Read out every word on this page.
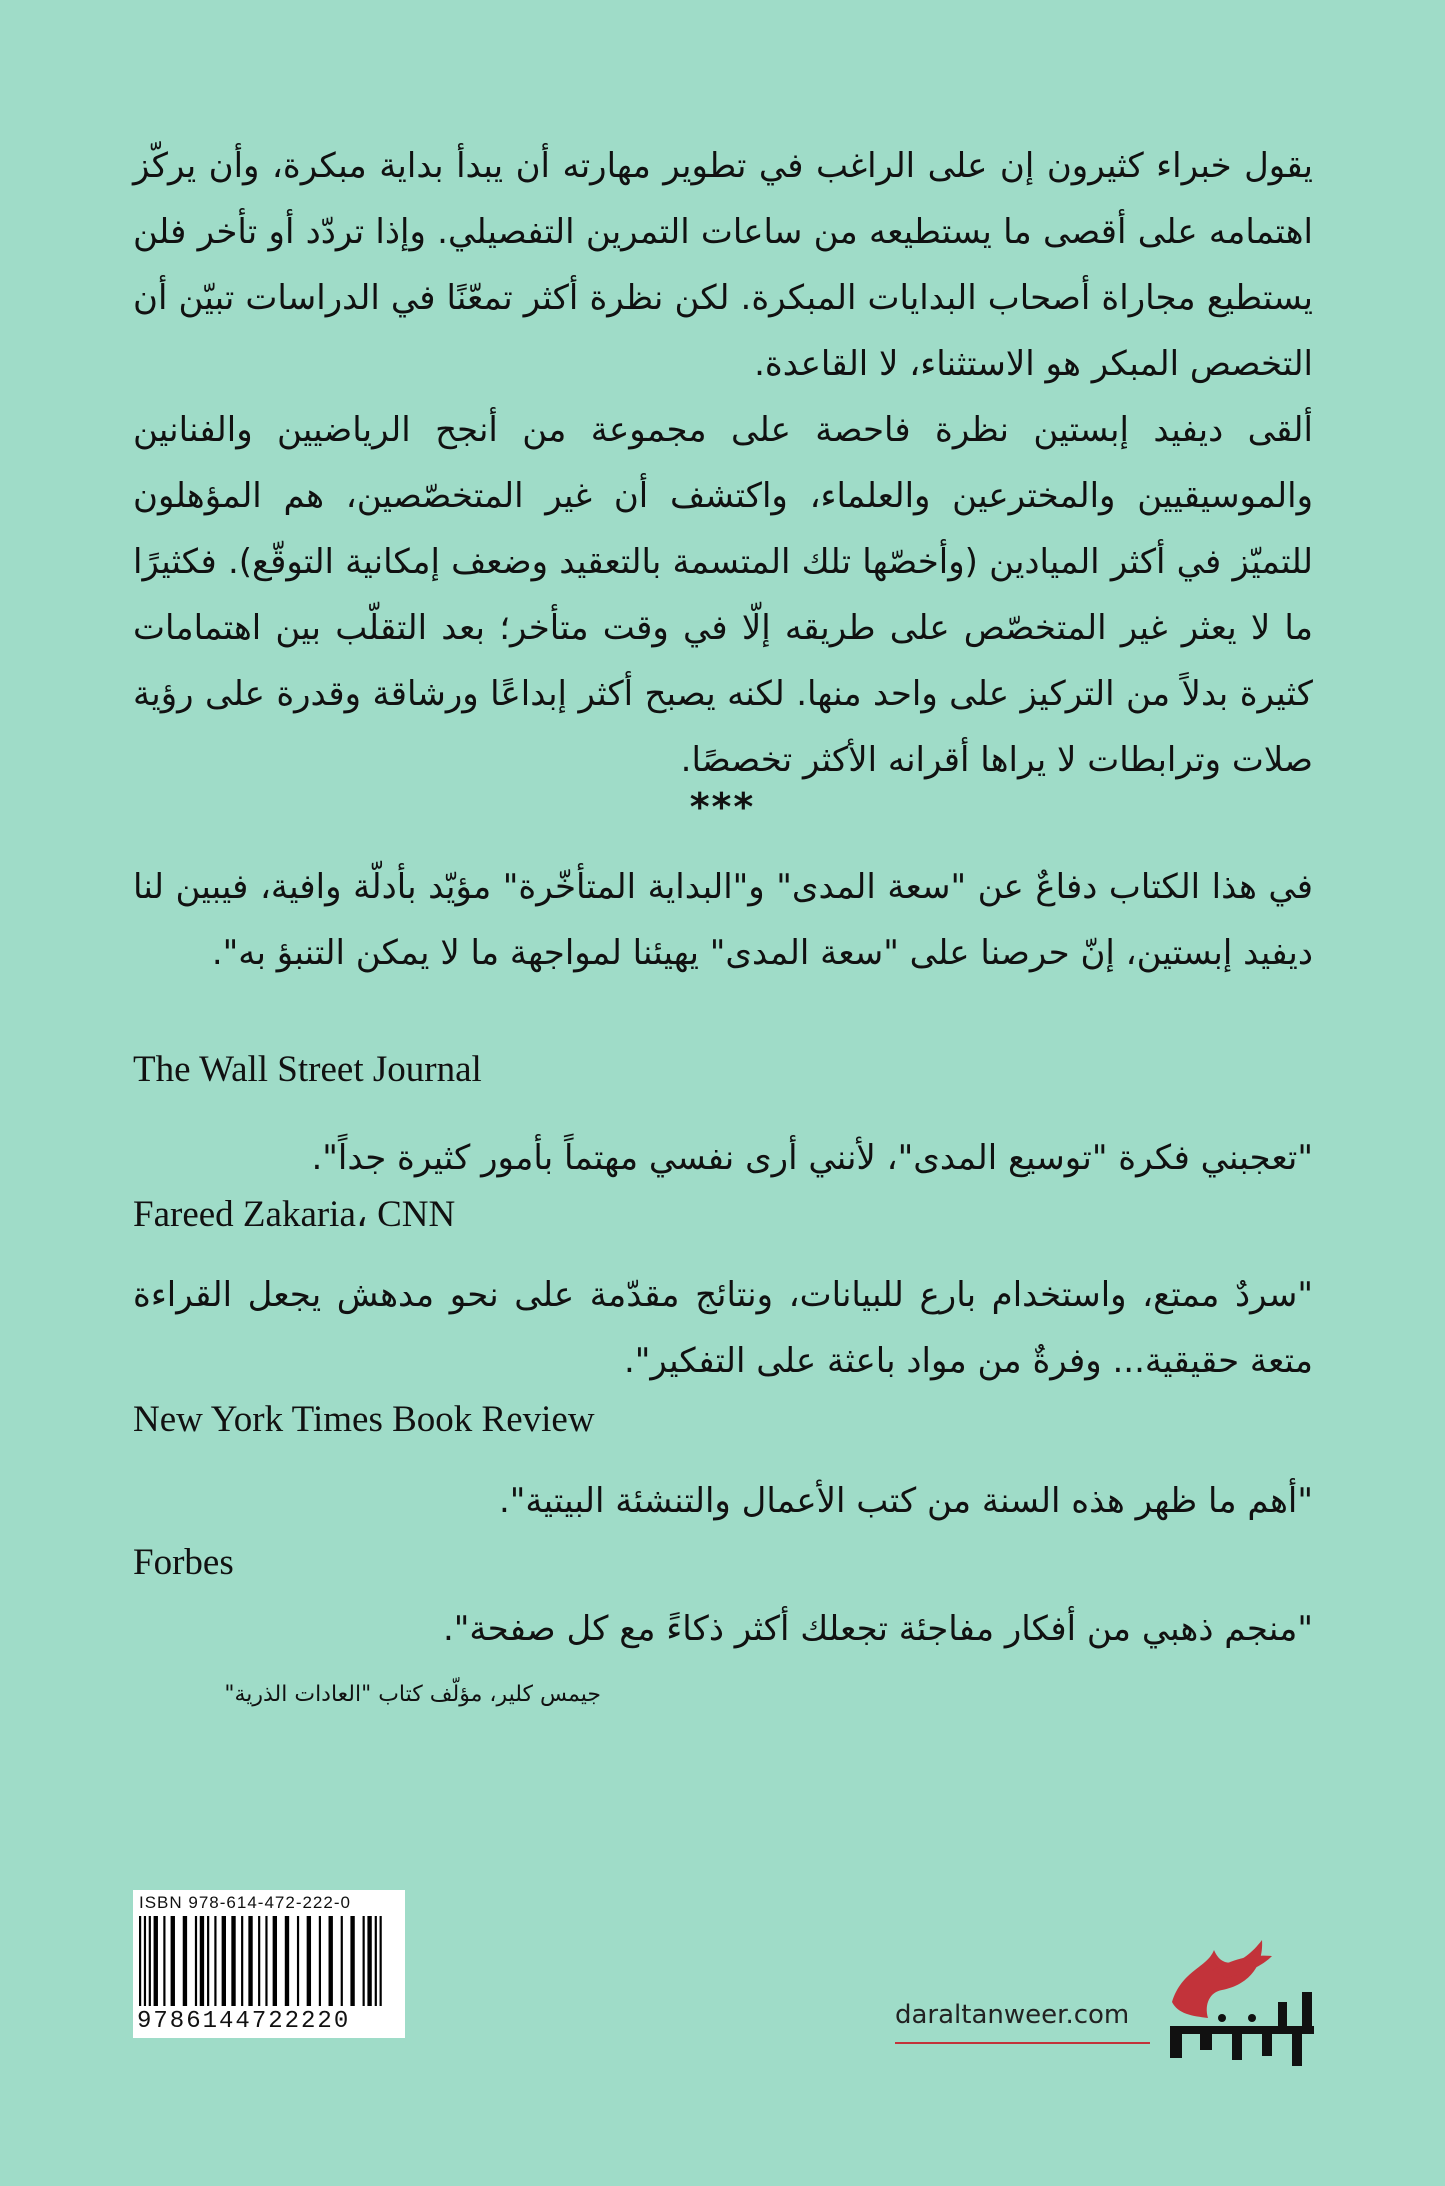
يقول خبراء كثيرون إن على الراغب في تطوير مهارته أن يبدأ بداية مبكرة، وأن يركّز اهتمامه على أقصى ما يستطيعه من ساعات التمرين التفصيلي. وإذا تردّد أو تأخر فلن يستطيع مجاراة أصحاب البدايات المبكرة. لكن نظرة أكثر تمعّنًا في الدراسات تبيّن أن التخصص المبكر هو الاستثناء، لا القاعدة.

ألقى ديفيد إبستين نظرة فاحصة على مجموعة من أنجح الرياضيين والفنانين والموسيقيين والمخترعين والعلماء، واكتشف أن غير المتخصّصين، هم المؤهلون للتميّز في أكثر الميادين (وأخصّها تلك المتسمة بالتعقيد وضعف إمكانية التوقّع). فكثيرًا ما لا يعثر غير المتخصّص على طريقه إلّا في وقت متأخر؛ بعد التقلّب بين اهتمامات كثيرة بدلاً من التركيز على واحد منها. لكنه يصبح أكثر إبداعًا ورشاقة وقدرة على رؤية صلات وترابطات لا يراها أقرانه الأكثر تخصصًا.

***

في هذا الكتاب دفاعٌ عن "سعة المدى" و"البداية المتأخّرة" مؤيّد بأدلّة وافية، فيبين لنا ديفيد إبستين، إنّ حرصنا على "سعة المدى" يهيئنا لمواجهة ما لا يمكن التنبؤ به".

The Wall Street Journal

"تعجبني فكرة "توسيع المدى"، لأنني أرى نفسي مهتماً بأمور كثيرة جداً".

Fareed Zakaria، CNN

"سردٌ ممتع، واستخدام بارع للبيانات، ونتائج مقدّمة على نحو مدهش يجعل القراءة متعة حقيقية... وفرةٌ من مواد باعثة على التفكير".

New York Times Book Review

"أهم ما ظهر هذه السنة من كتب الأعمال والتنشئة البيتية".

Forbes

"منجم ذهبي من أفكار مفاجئة تجعلك أكثر ذكاءً مع كل صفحة".

جيمس كلير، مؤلّف كتاب "العادات الذرية"

ISBN 978-614-472-222-0
9786144722220	daraltanweer.com
